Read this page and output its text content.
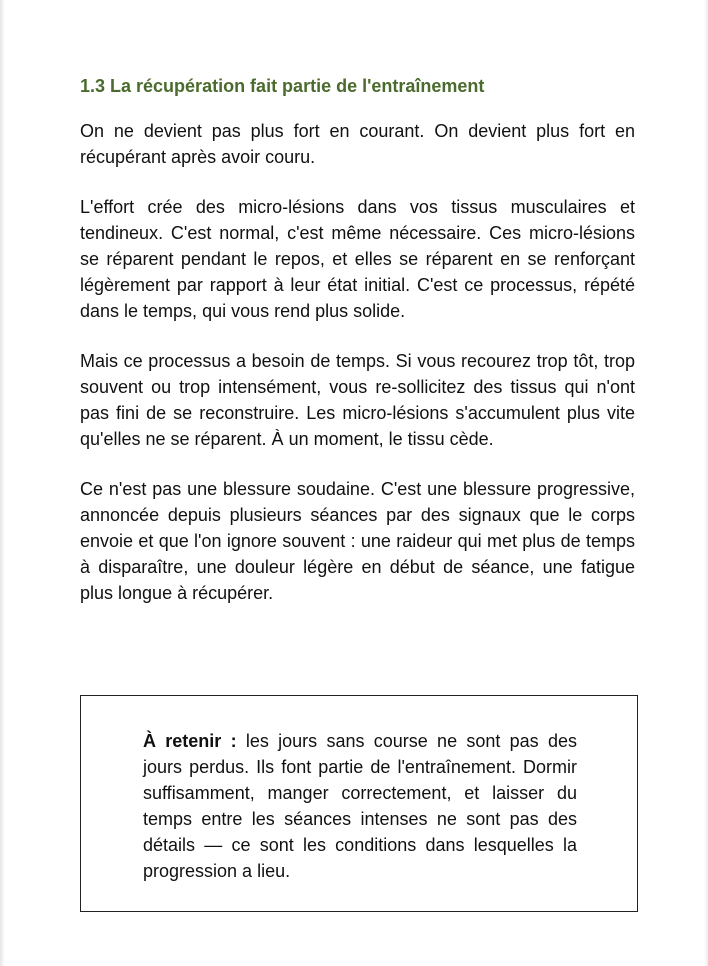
1.3 La récupération fait partie de l'entraînement

On ne devient pas plus fort en courant. On devient plus fort en récupérant après avoir couru.

L'effort crée des micro-lésions dans vos tissus musculaires et tendineux. C'est normal, c'est même nécessaire. Ces micro-lésions se réparent pendant le repos, et elles se réparent en se renforçant légèrement par rapport à leur état initial. C'est ce processus, répété dans le temps, qui vous rend plus solide.

Mais ce processus a besoin de temps. Si vous recourez trop tôt, trop souvent ou trop intensément, vous re-sollicitez des tissus qui n'ont pas fini de se reconstruire. Les micro-lésions s'accumulent plus vite qu'elles ne se réparent. À un moment, le tissu cède.

Ce n'est pas une blessure soudaine. C'est une blessure progressive, annoncée depuis plusieurs séances par des signaux que le corps envoie et que l'on ignore souvent : une raideur qui met plus de temps à disparaître, une douleur légère en début de séance, une fatigue plus longue à récupérer.

À retenir : les jours sans course ne sont pas des jours perdus. Ils font partie de l'entraînement. Dormir suffisamment, manger correctement, et laisser du temps entre les séances intenses ne sont pas des détails — ce sont les conditions dans lesquelles la progression a lieu.
